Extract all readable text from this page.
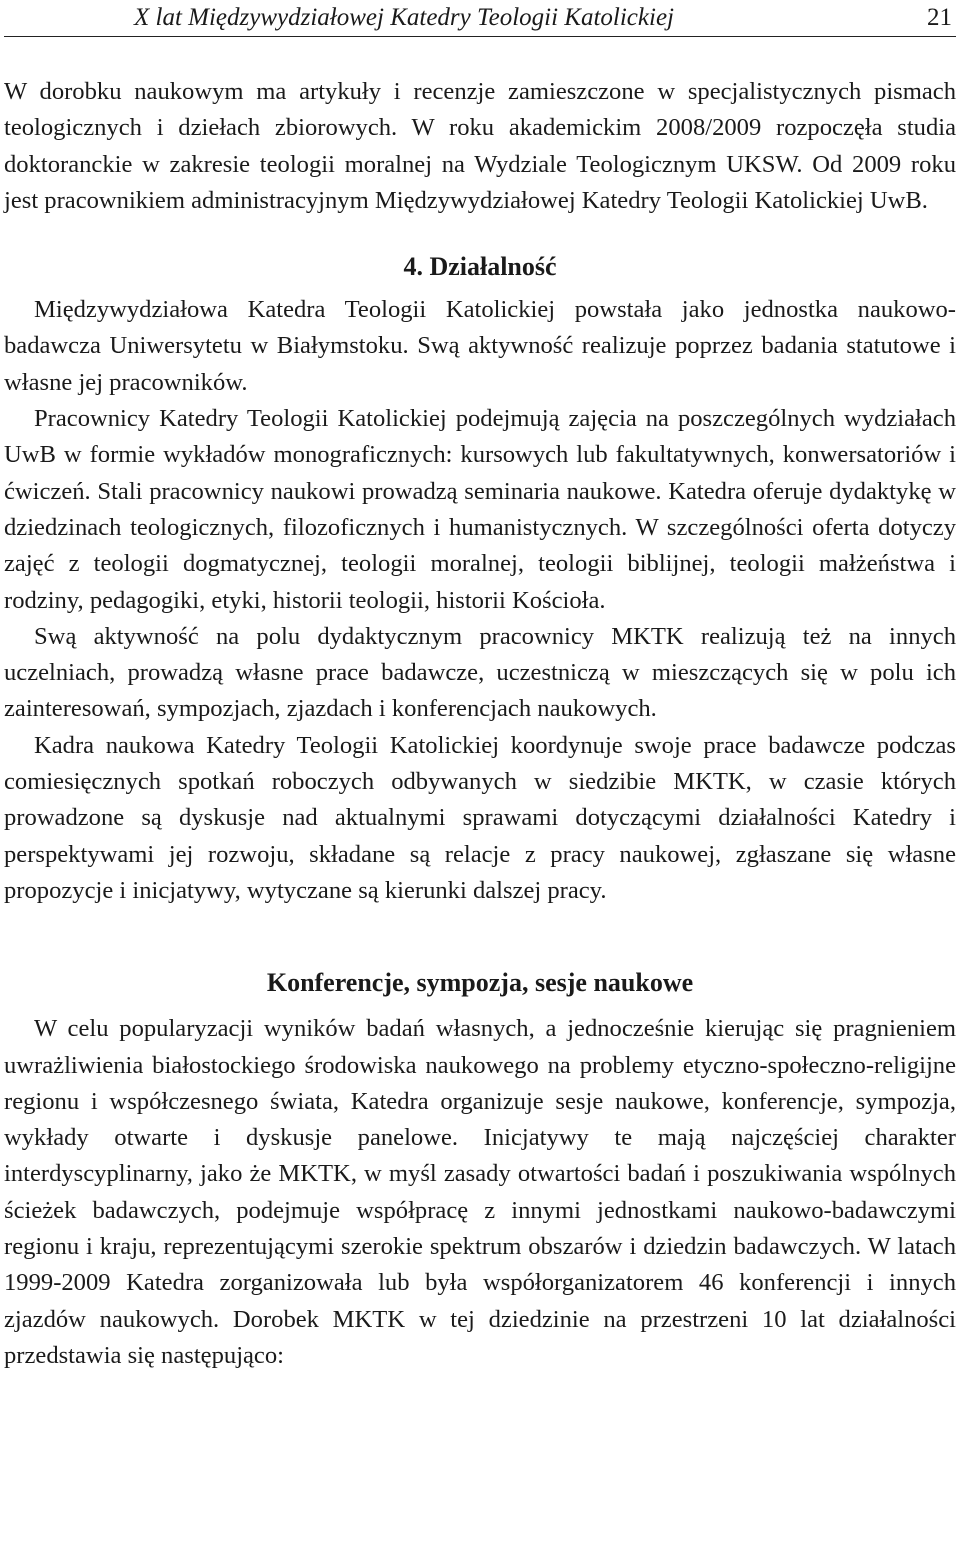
X lat Międzywydziałowej Katedry Teologii Katolickiej	21

W dorobku naukowym ma artykuły i recenzje zamieszczone w specjalistycznych pismach teologicznych i dziełach zbiorowych. W roku akademickim 2008/2009 rozpoczęła studia doktoranckie w zakresie teologii moralnej na Wydziale Teologicznym UKSW. Od 2009 roku jest pracownikiem administracyjnym Międzywydziałowej Katedry Teologii Katolickiej UwB.

4. Działalność

Międzywydziałowa Katedra Teologii Katolickiej powstała jako jednostka naukowo-badawcza Uniwersytetu w Białymstoku. Swą aktywność realizuje poprzez badania statutowe i własne jej pracowników.

Pracownicy Katedry Teologii Katolickiej podejmują zajęcia na poszczególnych wydziałach UwB w formie wykładów monograficznych: kursowych lub fakultatywnych, konwersatoriów i ćwiczeń. Stali pracownicy naukowi prowadzą seminaria naukowe. Katedra oferuje dydaktykę w dziedzinach teologicznych, filozoficznych i humanistycznych. W szczególności oferta dotyczy zajęć z teologii dogmatycznej, teologii moralnej, teologii biblijnej, teologii małżeństwa i rodziny, pedagogiki, etyki, historii teologii, historii Kościoła.

Swą aktywność na polu dydaktycznym pracownicy MKTK realizują też na innych uczelniach, prowadzą własne prace badawcze, uczestniczą w mieszczących się w polu ich zainteresowań, sympozjach, zjazdach i konferencjach naukowych.

Kadra naukowa Katedry Teologii Katolickiej koordynuje swoje prace badawcze podczas comiesięcznych spotkań roboczych odbywanych w siedzibie MKTK, w czasie których prowadzone są dyskusje nad aktualnymi sprawami dotyczącymi działalności Katedry i perspektywami jej rozwoju, składane są relacje z pracy naukowej, zgłaszane się własne propozycje i inicjatywy, wytyczane są kierunki dalszej pracy.

Konferencje, sympozja, sesje naukowe

W celu popularyzacji wyników badań własnych, a jednocześnie kierując się pragnieniem uwrażliwienia białostockiego środowiska naukowego na problemy etyczno-społeczno-religijne regionu i współczesnego świata, Katedra organizuje sesje naukowe, konferencje, sympozja, wykłady otwarte i dyskusje panelowe. Inicjatywy te mają najczęściej charakter interdyscyplinarny, jako że MKTK, w myśl zasady otwartości badań i poszukiwania wspólnych ścieżek badawczych, podejmuje współpracę z innymi jednostkami naukowo-badawczymi regionu i kraju, reprezentującymi szerokie spektrum obszarów i dziedzin badawczych. W latach 1999-2009 Katedra zorganizowała lub była współorganizatorem 46 konferencji i innych zjazdów naukowych. Dorobek MKTK w tej dziedzinie na przestrzeni 10 lat działalności przedstawia się następująco:
